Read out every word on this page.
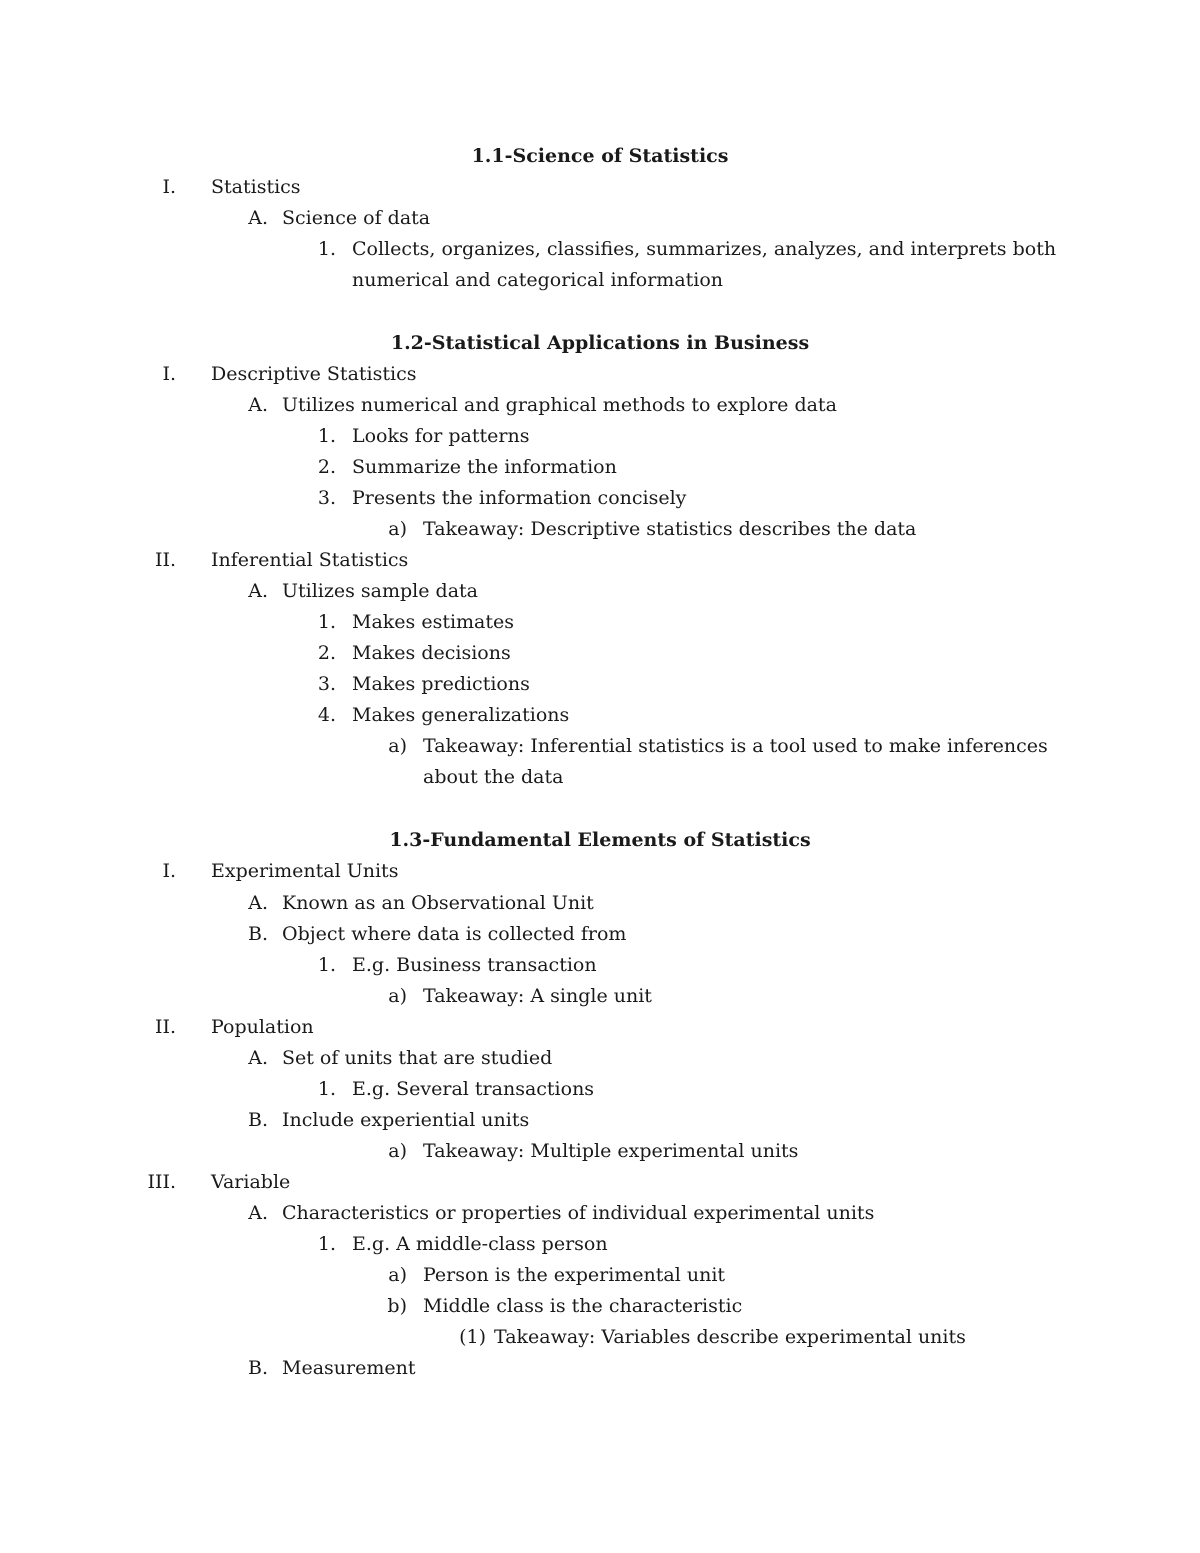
1.1-Science of Statistics
I. Statistics
A. Science of data
1. Collects, organizes, classifies, summarizes, analyzes, and interprets both
numerical and categorical information
1.2-Statistical Applications in Business
I. Descriptive Statistics
A. Utilizes numerical and graphical methods to explore data
1. Looks for patterns
2. Summarize the information
3. Presents the information concisely
a) Takeaway: Descriptive statistics describes the data
II. Inferential Statistics
A. Utilizes sample data
1. Makes estimates
2. Makes decisions
3. Makes predictions
4. Makes generalizations
a) Takeaway: Inferential statistics is a tool used to make inferences
about the data
1.3-Fundamental Elements of Statistics
I. Experimental Units
A. Known as an Observational Unit
B. Object where data is collected from
1. E.g. Business transaction
a) Takeaway: A single unit
II. Population
A. Set of units that are studied
1. E.g. Several transactions
B. Include experiential units
a) Takeaway: Multiple experimental units
III. Variable
A. Characteristics or properties of individual experimental units
1. E.g. A middle-class person
a) Person is the experimental unit
b) Middle class is the characteristic
(1) Takeaway: Variables describe experimental units
B. Measurement
